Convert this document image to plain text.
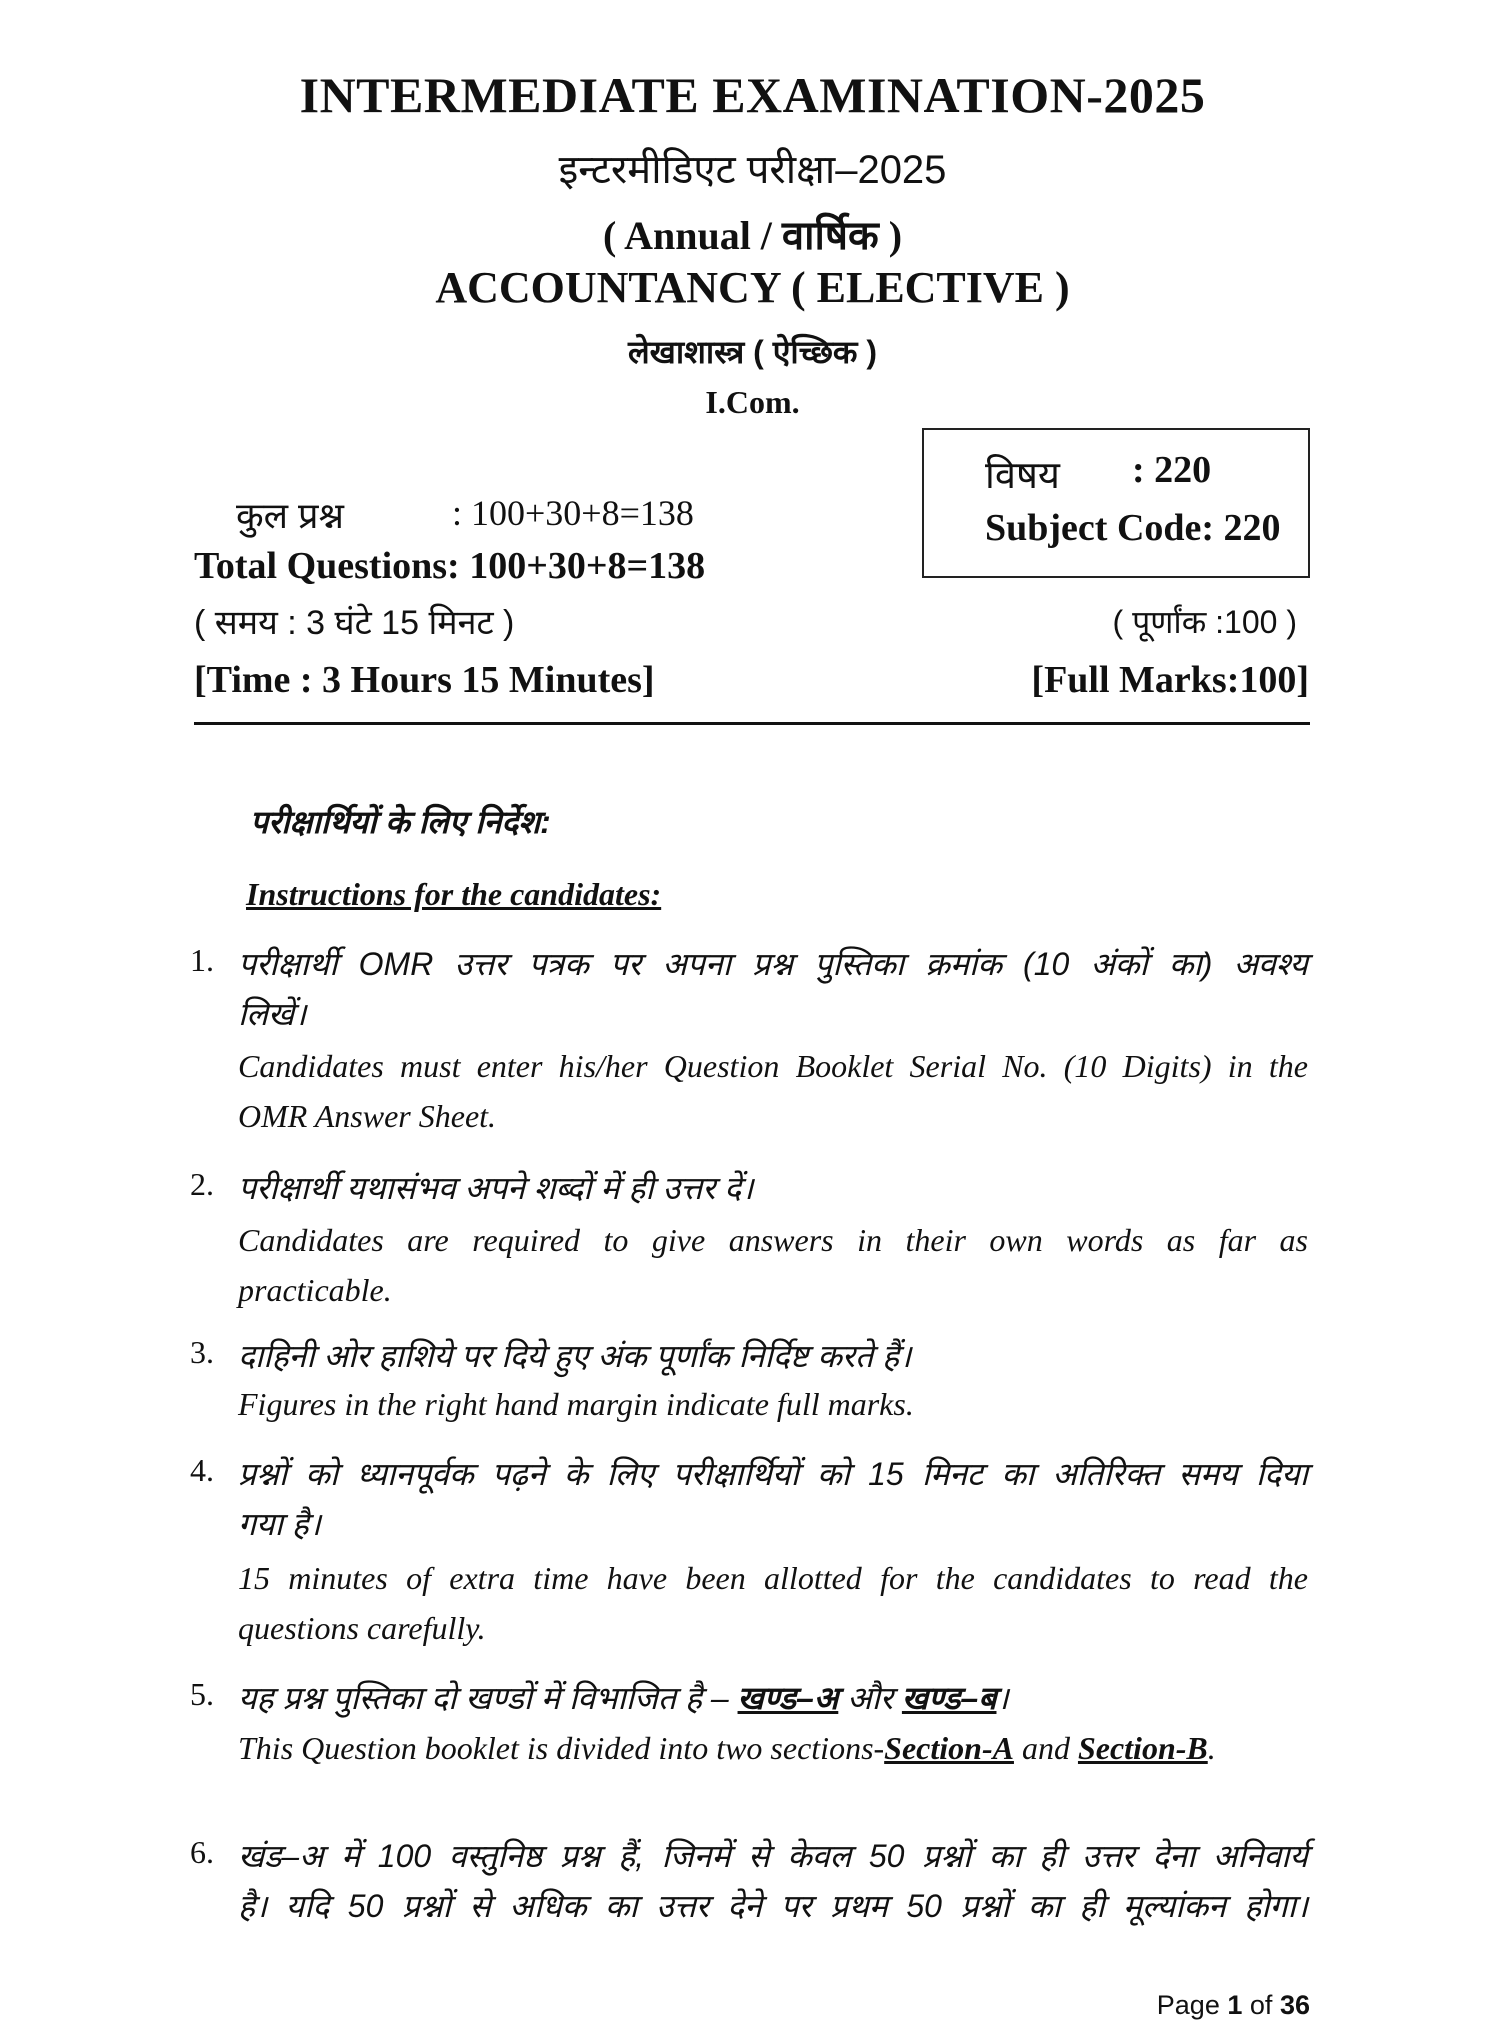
INTERMEDIATE EXAMINATION-2025
इन्टरमीडिएट परीक्षा–2025
( Annual / वार्षिक )
ACCOUNTANCY ( ELECTIVE )
लेखाशास्त्र ( ऐच्छिक )
I.Com.
विषय : 220
Subject Code: 220
कुल प्रश्न	: 100+30+8=138
Total Questions: 100+30+8=138
( समय : 3 घंटे 15 मिनट )	( पूर्णांक :100 )
[Time : 3 Hours 15 Minutes]	[Full Marks:100]
परीक्षार्थियों के लिए निर्देश:
Instructions for the candidates:
1. परीक्षार्थी OMR उत्तर पत्रक पर अपना प्रश्न पुस्तिका क्रमांक (10 अंकों का) अवश्य
लिखें।
Candidates must enter his/her Question Booklet Serial No. (10 Digits) in the
OMR Answer Sheet.
2. परीक्षार्थी यथासंभव अपने शब्दों में ही उत्तर दें।
Candidates are required to give answers in their own words as far as
practicable.
3. दाहिनी ओर हाशिये पर दिये हुए अंक पूर्णांक निर्दिष्ट करते हैं।
Figures in the right hand margin indicate full marks.
4. प्रश्नों को ध्यानपूर्वक पढ़ने के लिए परीक्षार्थियों को 15 मिनट का अतिरिक्त समय दिया
गया है।
15 minutes of extra time have been allotted for the candidates to read the
questions carefully.
5. यह प्रश्न पुस्तिका दो खण्डों में विभाजित है – खण्ड–अ और खण्ड–ब।
This Question booklet is divided into two sections-Section-A and Section-B.
6. खंड–अ में 100 वस्तुनिष्ठ प्रश्न हैं, जिनमें से केवल 50 प्रश्नों का ही उत्तर देना अनिवार्य
है। यदि 50 प्रश्नों से अधिक का उत्तर देने पर प्रथम 50 प्रश्नों का ही मूल्यांकन होगा।
Page 1 of 36
